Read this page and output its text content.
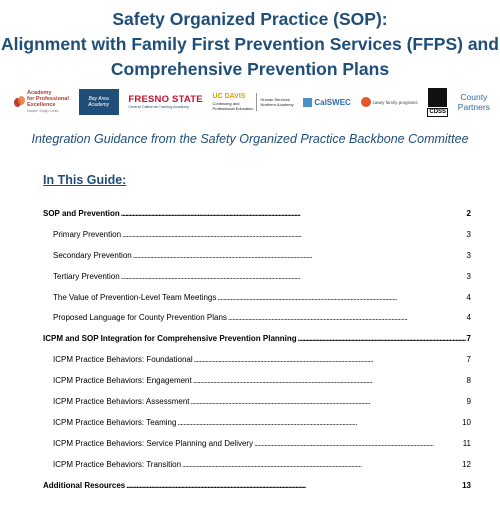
Safety Organized Practice (SOP):
Alignment with Family First Prevention Services (FFPS) and
Comprehensive Prevention Plans
Academy
for Professional
Excellence
Inspire. Equip. Lead.
Bay Area
Academy
FRESNO STATE
Central California Training Academy
UC DAVIS
Continuing and
Professional Education
Human Services
Northern Academy	CalSWEC	casey family programs
CDSS
County
Partners
Integration Guidance from the Safety Organized Practice Backbone Committee
In This Guide:
SOP and Prevention . . .	2
Primary Prevention . . .	3
Secondary Prevention . . .	3
Tertiary Prevention . . .	3
The Value of Prevention-Level Team Meetings . . .	4
Proposed Language for County Prevention Plans . . .	4
ICPM and SOP Integration for Comprehensive Prevention Planning . . .	7
ICPM Practice Behaviors: Foundational . . .	7
ICPM Practice Behaviors: Engagement . . .	8
ICPM Practice Behaviors: Assessment . . .	9
ICPM Practice Behaviors: Teaming . . .	10
ICPM Practice Behaviors: Service Planning and Delivery . . .	11
ICPM Practice Behaviors: Transition . . .	12
Additional Resources . . .	13
